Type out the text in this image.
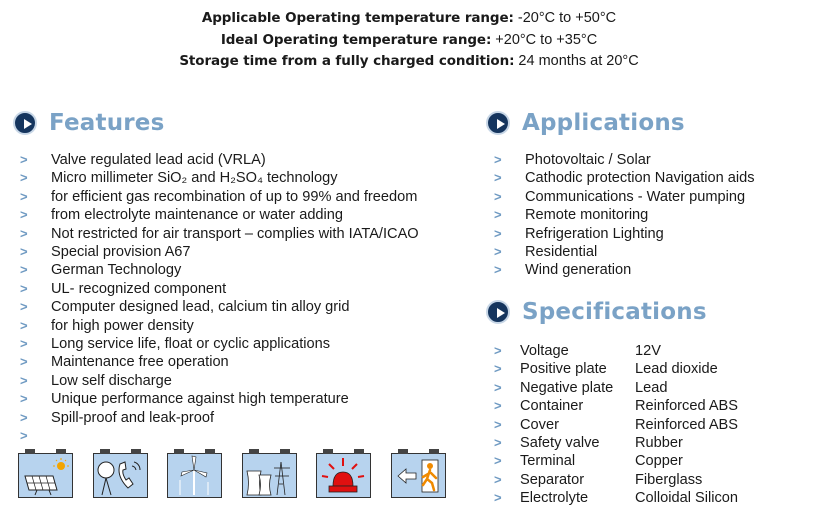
Applicable Operating temperature range: -20°C to +50°C
Ideal Operating temperature range: +20°C to +35°C
Storage time from a fully charged condition: 24 months at 20°C
Features
> Valve regulated lead acid (VRLA)
> Micro millimeter SiO₂ and H₂SO₄ technology
> for efficient gas recombination of up to 99% and freedom
> from electrolyte maintenance or water adding
> Not restricted for air transport – complies with IATA/ICAO
> Special provision A67
> German Technology
> UL- recognized component
> Computer designed lead, calcium tin alloy grid
> for high power density
> Long service life, float or cyclic applications
> Maintenance free operation
> Low self discharge
> Unique performance against high temperature
> Spill-proof and leak-proof
>
Applications
> Photovoltaic / Solar
> Cathodic protection Navigation aids
> Communications - Water pumping
> Remote monitoring
> Refrigeration Lighting
> Residential
> Wind generation
Specifications
> Voltage	12V
> Positive plate	Lead dioxide
> Negative plate	Lead
> Container	Reinforced ABS
> Cover	Reinforced ABS
> Safety valve	Rubber
> Terminal	Copper
> Separator	Fiberglass
> Electrolyte	Colloidal Silicon
